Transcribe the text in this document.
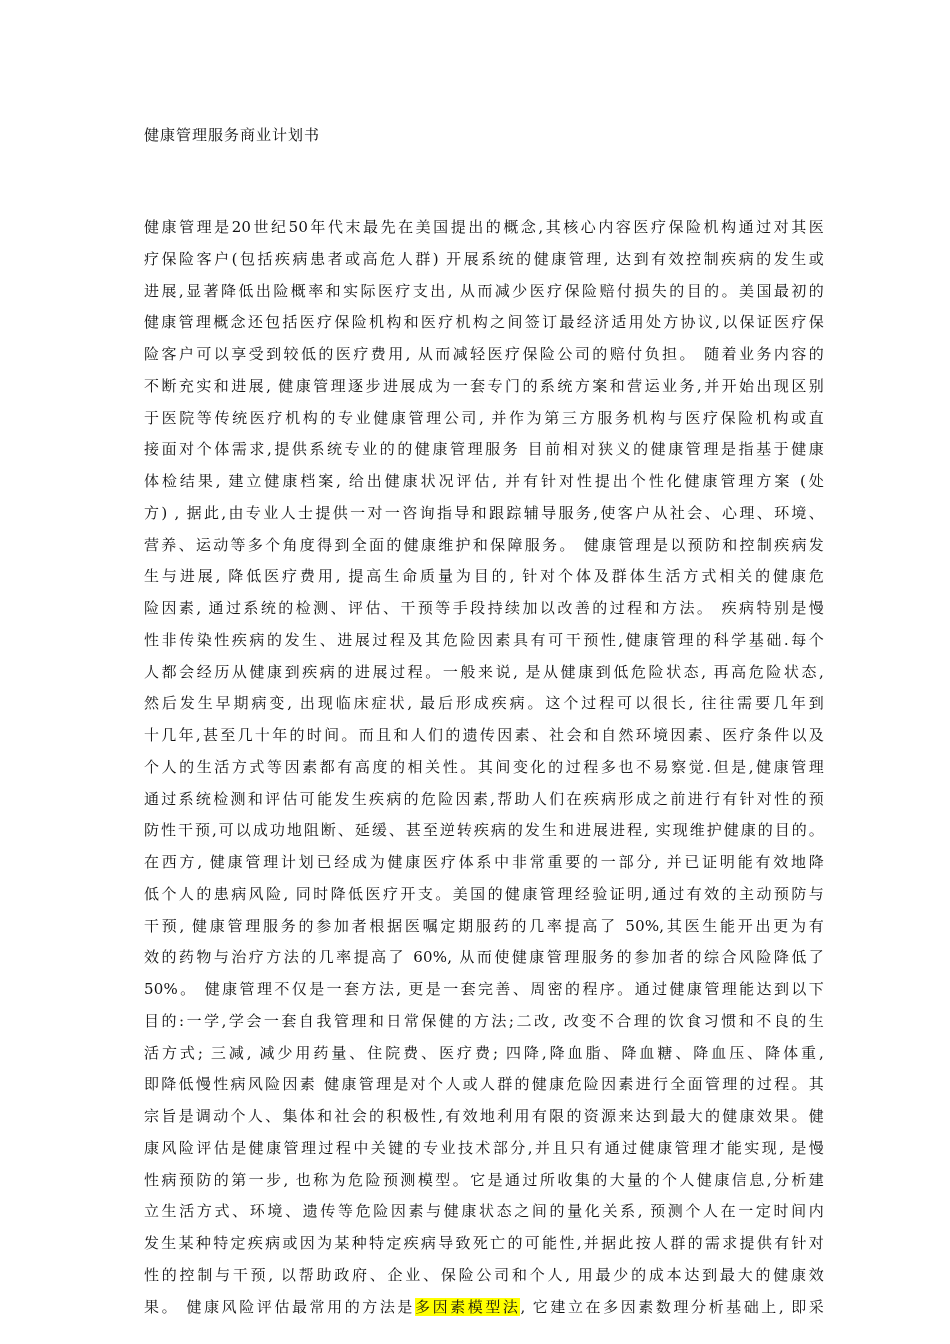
健康管理服务商业计划书
健康管理是20世纪50年代末最先在美国提出的概念,其核心内容医疗保险机构通过对其医
疗保险客户(包括疾病患者或高危人群) 开展系统的健康管理, 达到有效控制疾病的发生或
进展,显著降低出险概率和实际医疗支出, 从而减少医疗保险赔付损失的目的。美国最初的
健康管理概念还包括医疗保险机构和医疗机构之间签订最经济适用处方协议,以保证医疗保
险客户可以享受到较低的医疗费用, 从而减轻医疗保险公司的赔付负担。 随着业务内容的
不断充实和进展, 健康管理逐步进展成为一套专门的系统方案和营运业务,并开始出现区别
于医院等传统医疗机构的专业健康管理公司, 并作为第三方服务机构与医疗保险机构或直
接面对个体需求,提供系统专业的的健康管理服务 目前相对狭义的健康管理是指基于健康
体检结果, 建立健康档案, 给出健康状况评估, 并有针对性提出个性化健康管理方案 (处
方) , 据此,由专业人士提供一对一咨询指导和跟踪辅导服务,使客户从社会、心理、环境、
营养、运动等多个角度得到全面的健康维护和保障服务。 健康管理是以预防和控制疾病发
生与进展, 降低医疗费用, 提高生命质量为目的, 针对个体及群体生活方式相关的健康危
险因素, 通过系统的检测、评估、干预等手段持续加以改善的过程和方法。 疾病特别是慢
性非传染性疾病的发生、进展过程及其危险因素具有可干预性,健康管理的科学基础.每个
人都会经历从健康到疾病的进展过程。一般来说, 是从健康到低危险状态, 再高危险状态,
然后发生早期病变, 出现临床症状, 最后形成疾病。这个过程可以很长, 往往需要几年到
十几年,甚至几十年的时间。而且和人们的遗传因素、社会和自然环境因素、医疗条件以及
个人的生活方式等因素都有高度的相关性。其间变化的过程多也不易察觉.但是,健康管理
通过系统检测和评估可能发生疾病的危险因素,帮助人们在疾病形成之前进行有针对性的预
防性干预,可以成功地阻断、延缓、甚至逆转疾病的发生和进展进程, 实现维护健康的目的。
在西方, 健康管理计划已经成为健康医疗体系中非常重要的一部分, 并已证明能有效地降
低个人的患病风险, 同时降低医疗开支。美国的健康管理经验证明,通过有效的主动预防与
干预, 健康管理服务的参加者根据医嘱定期服药的几率提高了 50%,其医生能开出更为有
效的药物与治疗方法的几率提高了 60%, 从而使健康管理服务的参加者的综合风险降低了
50%。 健康管理不仅是一套方法, 更是一套完善、周密的程序。通过健康管理能达到以下
目的:一学,学会一套自我管理和日常保健的方法;二改, 改变不合理的饮食习惯和不良的生
活方式; 三减, 减少用药量、住院费、医疗费; 四降,降血脂、降血糖、降血压、降体重,
即降低慢性病风险因素 健康管理是对个人或人群的健康危险因素进行全面管理的过程。其
宗旨是调动个人、集体和社会的积极性,有效地利用有限的资源来达到最大的健康效果。健
康风险评估是健康管理过程中关键的专业技术部分,并且只有通过健康管理才能实现, 是慢
性病预防的第一步, 也称为危险预测模型。它是通过所收集的大量的个人健康信息,分析建
立生活方式、环境、遗传等危险因素与健康状态之间的量化关系, 预测个人在一定时间内
发生某种特定疾病或因为某种特定疾病导致死亡的可能性,并据此按人群的需求提供有针对
性的控制与干预, 以帮助政府、企业、保险公司和个人, 用最少的成本达到最大的健康效
果。 健康风险评估最常用的方法是多因素模型法, 它建立在多因素数理分析基础上, 即采
